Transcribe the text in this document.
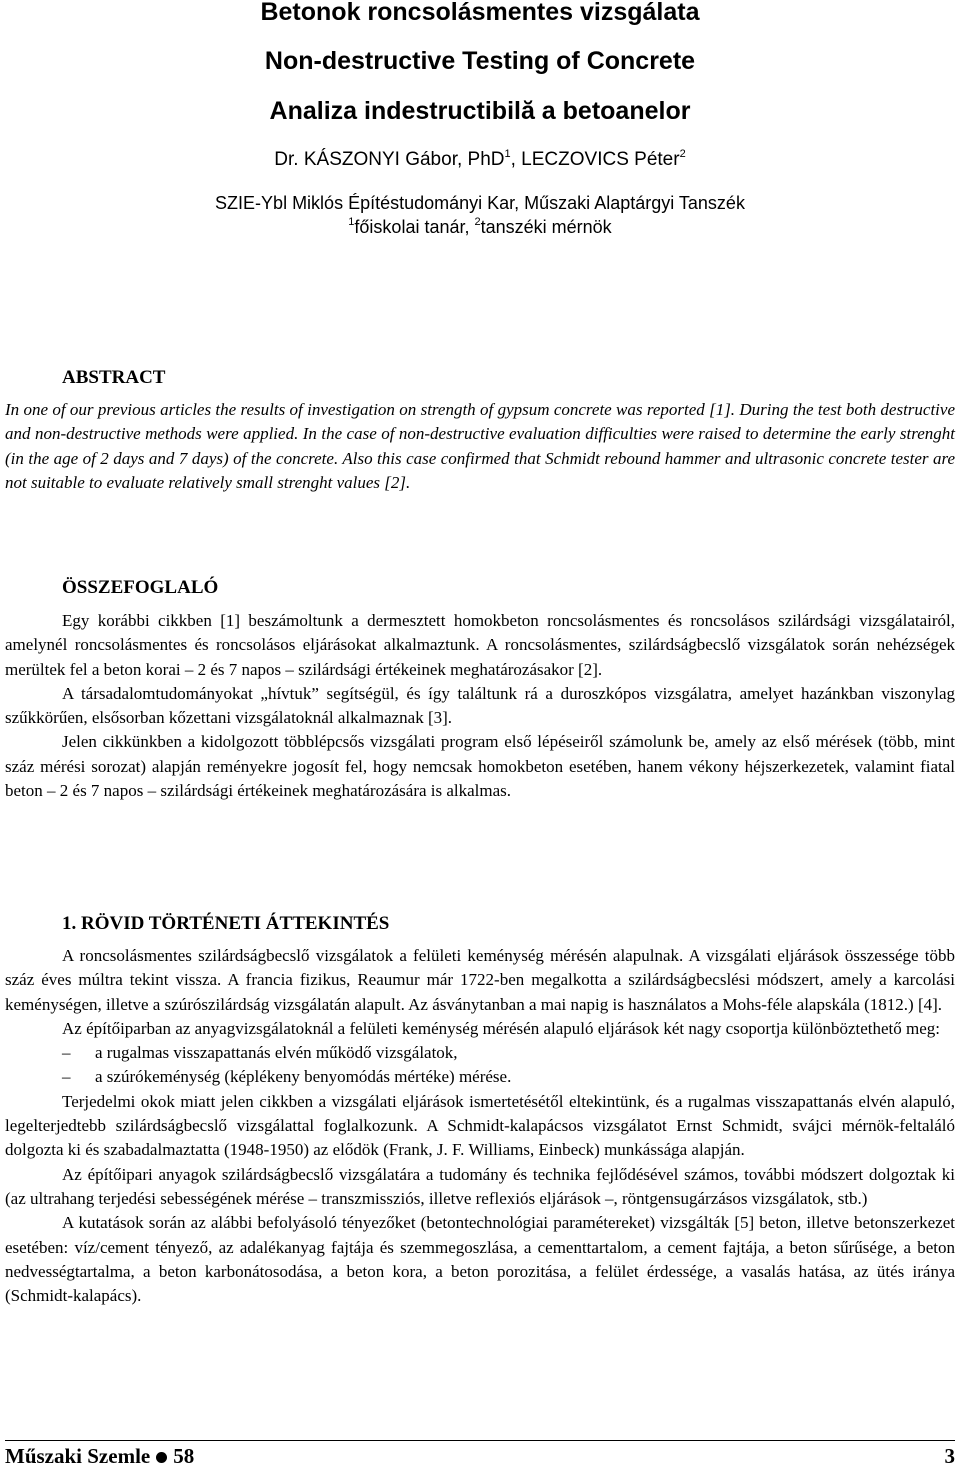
Betonok roncsolásmentes vizsgálata
Non-destructive Testing of Concrete
Analiza indestructibilă a betoanelor
Dr. KÁSZONYI Gábor, PhD$^1$, LECZOVICS Péter$^2$
SZIE-Ybl Miklós Építéstudományi Kar, Műszaki Alaptárgyi Tanszék
$^1$főiskolai tanár, $^2$tanszéki mérnök
ABSTRACT

In one of our previous articles the results of investigation on strength of gypsum concrete was reported [1]. During the test both destructive and non-destructive methods were applied. In the case of non-destructive evaluation difficulties were raised to determine the early strenght (in the age of 2 days and 7 days) of the concrete. Also this case confirmed that Schmidt rebound hammer and ultrasonic concrete tester are not suitable to evaluate relatively small strenght values [2].

ÖSSZEFOGLALÓ

Egy korábbi cikkben [1] beszámoltunk a dermesztett homokbeton roncsolásmentes és roncsolásos szilárdsági vizsgálatairól, amelynél roncsolásmentes és roncsolásos eljárásokat alkalmaztunk. A roncsolásmentes, szilárdságbecslő vizsgálatok során nehézségek merültek fel a beton korai – 2 és 7 napos – szilárdsági értékeinek meghatározásakor [2].

A társadalomtudományokat „hívtuk” segítségül, és így találtunk rá a duroszkópos vizsgálatra, amelyet hazánkban viszonylag szűkkörűen, elsősorban kőzettani vizsgálatoknál alkalmaznak [3].

Jelen cikkünkben a kidolgozott többlépcsős vizsgálati program első lépéseiről számolunk be, amely az első mérések (több, mint száz mérési sorozat) alapján reményekre jogosít fel, hogy nemcsak homokbeton esetében, hanem vékony héjszerkezetek, valamint fiatal beton – 2 és 7 napos – szilárdsági értékeinek meghatározására is alkalmas.

1. RÖVID TÖRTÉNETI ÁTTEKINTÉS

A roncsolásmentes szilárdságbecslő vizsgálatok a felületi keménység mérésén alapulnak. A vizsgálati eljárások összessége több száz éves múltra tekint vissza. A francia fizikus, Reaumur már 1722-ben megalkotta a szilárdságbecslési módszert, amely a karcolási keménységen, illetve a szúrószilárdság vizsgálatán alapult. Az ásványtanban a mai napig is használatos a Mohs-féle alapskála (1812.) [4].

Az építőiparban az anyagvizsgálatoknál a felületi keménység mérésén alapuló eljárások két nagy csoportja különböztethető meg:

– a rugalmas visszapattanás elvén működő vizsgálatok,

– a szúrókeménység (képlékeny benyomódás mértéke) mérése.

Terjedelmi okok miatt jelen cikkben a vizsgálati eljárások ismertetésétől eltekintünk, és a rugalmas visszapattanás elvén alapuló, legelterjedtebb szilárdságbecslő vizsgálattal foglalkozunk. A Schmidt-kalapácsos vizsgálatot Ernst Schmidt, svájci mérnök-feltaláló dolgozta ki és szabadalmaztatta (1948-1950) az elődök (Frank, J. F. Williams, Einbeck) munkássága alapján.

Az építőipari anyagok szilárdságbecslő vizsgálatára a tudomány és technika fejlődésével számos, további módszert dolgoztak ki (az ultrahang terjedési sebességének mérése – transzmissziós, illetve reflexiós eljárások –, röntgensugárzásos vizsgálatok, stb.)

A kutatások során az alábbi befolyásoló tényezőket (betontechnológiai paramétereket) vizsgálták [5] beton, illetve betonszerkezet esetében: víz/cement tényező, az adalékanyag fajtája és szemmegoszlása, a cementtartalom, a cement fajtája, a beton sűrűsége, a beton nedvességtartalma, a beton karbonátosodása, a beton kora, a beton porozitása, a felület érdessége, a vasalás hatása, az ütés iránya (Schmidt-kalapács).

Műszaki Szemle 58	3
